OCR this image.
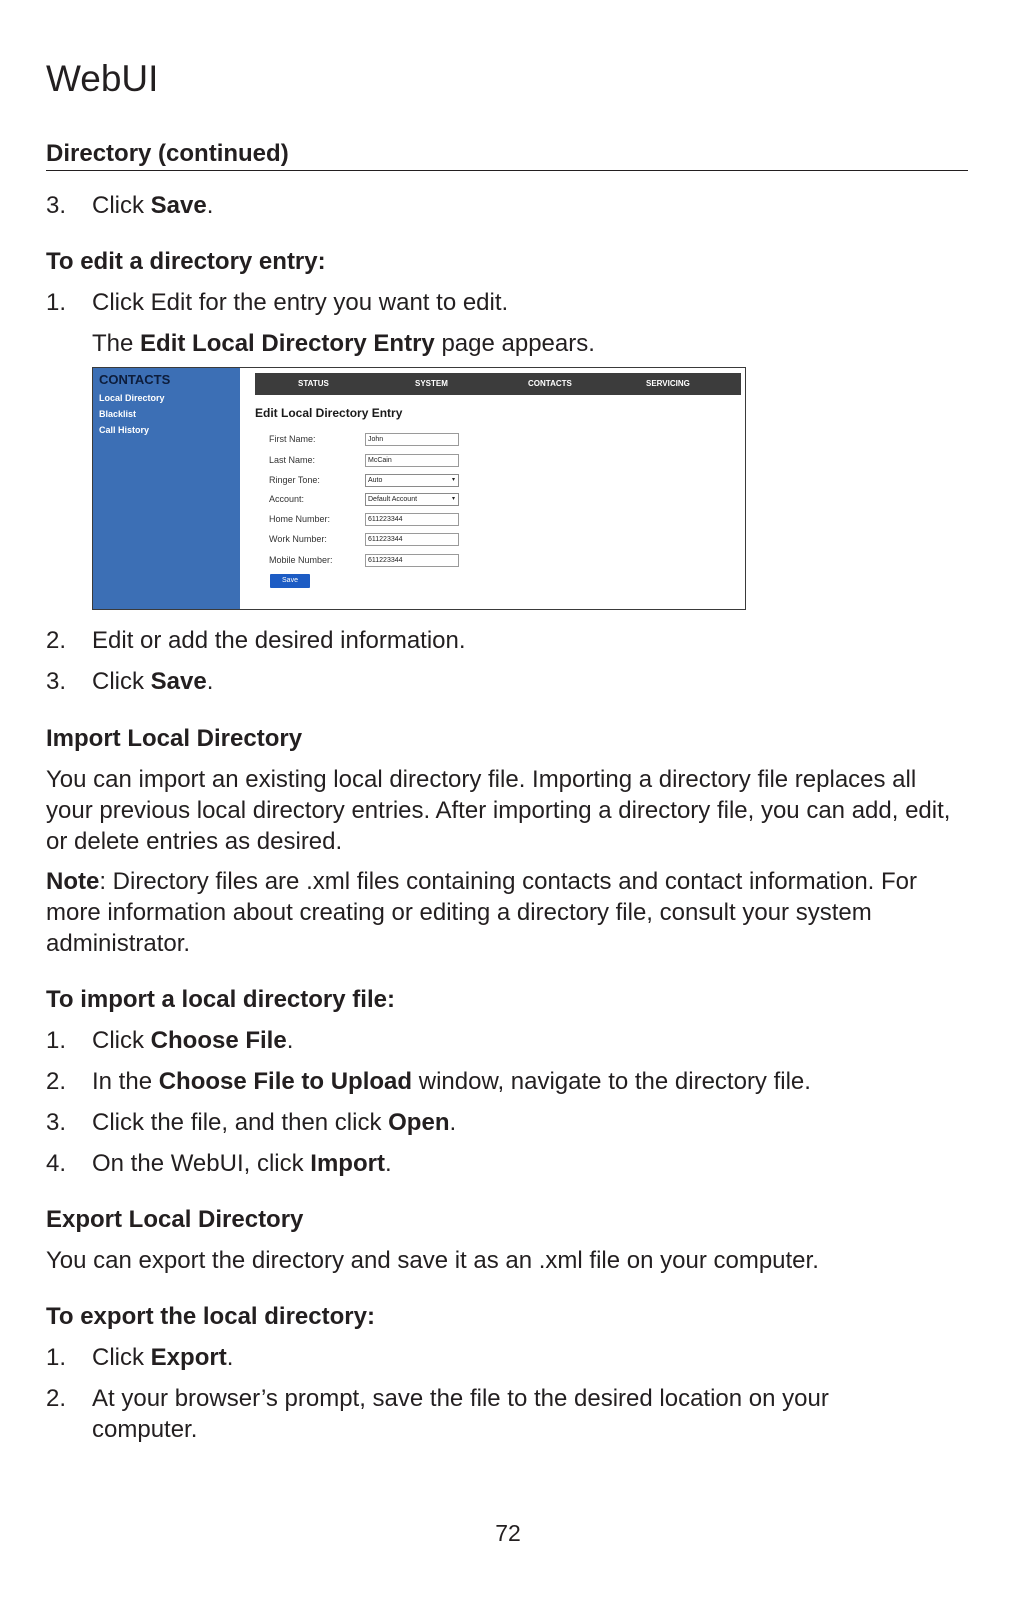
WebUI
Directory (continued)
3. Click Save.
To edit a directory entry:
1. Click Edit for the entry you want to edit.
The Edit Local Directory Entry page appears.
CONTACTS
Local Directory
Blacklist
Call History
STATUS	SYSTEM	CONTACTS	SERVICING
Edit Local Directory Entry
First Name:	John
Last Name:	McCain
Ringer Tone:	Auto	▾
Account:	Default Account	▾
Home Number:	611223344
Work Number:	611223344
Mobile Number:	611223344
Save
2. Edit or add the desired information.
3. Click Save.
Import Local Directory
You can import an existing local directory file. Importing a directory file replaces all your previous local directory entries. After importing a directory file, you can add, edit, or delete entries as desired.
Note: Directory files are .xml files containing contacts and contact information. For more information about creating or editing a directory file, consult your system administrator.
To import a local directory file:
1. Click Choose File.
2. In the Choose File to Upload window, navigate to the directory file.
3. Click the file, and then click Open.
4. On the WebUI, click Import.
Export Local Directory
You can export the directory and save it as an .xml file on your computer.
To export the local directory:
1. Click Export.
2. At your browser’s prompt, save the file to the desired location on your computer.
72
